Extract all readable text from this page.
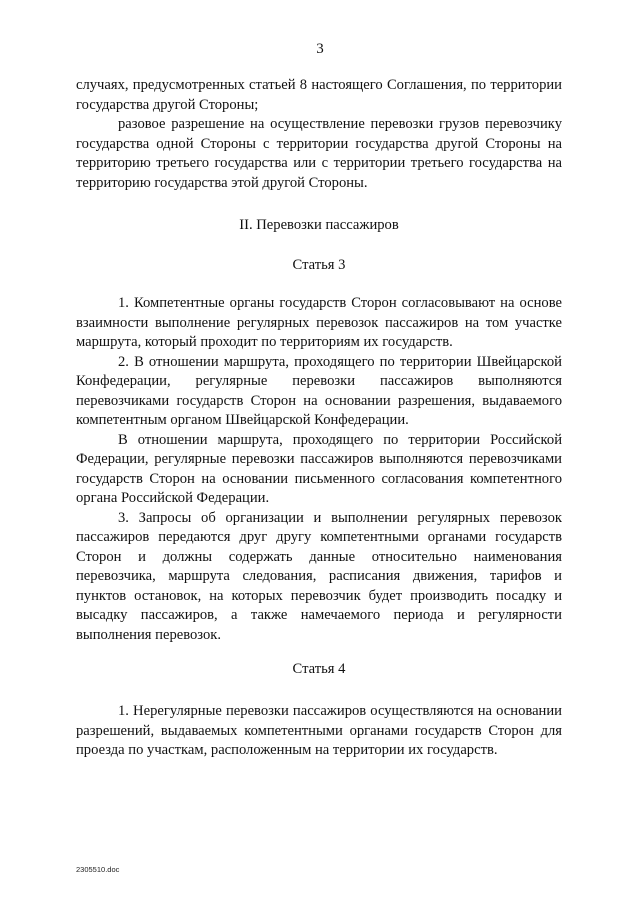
3

случаях, предусмотренных статьей 8 настоящего Соглашения, по территории государства другой Стороны;

разовое разрешение на осуществление перевозки грузов перевозчику государства одной Стороны с территории государства другой Стороны на территорию третьего государства или с территории третьего государства на территорию государства этой другой Стороны.

II. Перевозки пассажиров

Статья 3

1. Компетентные органы государств Сторон согласовывают на основе взаимности выполнение регулярных перевозок пассажиров на том участке маршрута, который проходит по территориям их государств.

2. В отношении маршрута, проходящего по территории Швейцарской Конфедерации, регулярные перевозки пассажиров выполняются перевозчиками государств Сторон на основании разрешения, выдаваемого компетентным органом Швейцарской Конфедерации.

В отношении маршрута, проходящего по территории Российской Федерации, регулярные перевозки пассажиров выполняются перевозчиками государств Сторон на основании письменного согласования компетентного органа Российской Федерации.

3. Запросы об организации и выполнении регулярных перевозок пассажиров передаются друг другу компетентными органами государств Сторон и должны содержать данные относительно наименования перевозчика, маршрута следования, расписания движения, тарифов и пунктов остановок, на которых перевозчик будет производить посадку и высадку пассажиров, а также намечаемого периода и регулярности выполнения перевозок.

Статья 4

1. Нерегулярные перевозки пассажиров осуществляются на основании разрешений, выдаваемых компетентными органами государств Сторон для проезда по участкам, расположенным на территории их государств.

2305510.doc
